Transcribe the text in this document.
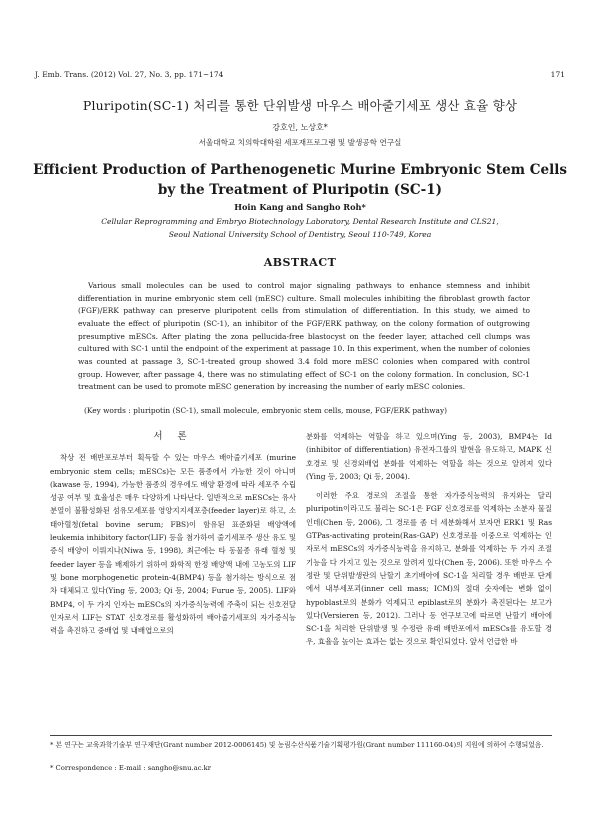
J. Emb. Trans. (2012) Vol. 27, No. 3, pp. 171~174	171
Pluripotin(SC-1) 처리를 통한 단위발생 마우스 배아줄기세포 생산 효율 향상
강호인, 노상호*
서울대학교 치의학대학원 세포재프로그램 및 발생공학 연구실
Efficient Production of Parthenogenetic Murine Embryonic Stem Cells
by the Treatment of Pluripotin (SC-1)
Hoin Kang and Sangho Roh*
Cellular Reprogramming and Embryo Biotechnology Laboratory, Dental Research Institute and CLS21,
Seoul National University School of Dentistry, Seoul 110-749, Korea
ABSTRACT

Various small molecules can be used to control major signaling pathways to enhance stemness and inhibit differentiation in murine embryonic stem cell (mESC) culture. Small molecules inhibiting the fibroblast growth factor (FGF)/ERK pathway can preserve pluripotent cells from stimulation of differentiation. In this study, we aimed to evaluate the effect of pluripotin (SC-1), an inhibitor of the FGF/ERK pathway, on the colony formation of outgrowing presumptive mESCs. After plating the zona pellucida-free blastocyst on the feeder layer, attached cell clumps was cultured with SC-1 until the endpoint of the experiment at passage 10. In this experiment, when the number of colonies was counted at passage 3, SC-1-treated group showed 3.4 fold more mESC colonies when compared with control group. However, after passage 4, there was no stimulating effect of SC-1 on the colony formation. In conclusion, SC-1 treatment can be used to promote mESC generation by increasing the number of early mESC colonies.

(Key words : pluripotin (SC-1), small molecule, embryonic stem cells, mouse, FGF/ERK pathway)

서 론

착상 전 배반포로부터 획득할 수 있는 마우스 배아줄기세포 (murine embryonic stem cells; mESCs)는 모든 품종에서 가능한 것이 아니며(kawase 등, 1994), 가능한 품종의 경우에도 배양 환경에 따라 세포주 수립 성공 여부 및 효율성은 매우 다양하게 나타난다. 일반적으로 mESCs는 유사 분열이 불활성화된 섬유모세포를 영양지지세포층(feeder layer)로 하고, 소태아혈청(fetal bovine serum; FBS)이 함유된 표준화된 배양액에 leukemia inhibitory factor(LIF) 등을 첨가하여 줄기세포주 생산 유도 및 증식 배양이 이뤄지나(Niwa 등, 1998), 최근에는 타 동물종 유래 혈청 및 feeder layer 등을 배제하기 위하여 화학적 한정 배양액 내에 고농도의 LIF 및 bone morphogenetic protein-4(BMP4) 등을 첨가하는 방식으로 점차 대체되고 있다(Ying 등, 2003; Qi 등, 2004; Furue 등, 2005). LIF와 BMP4, 이 두 가지 인자는 mESCs의 자가증식능력에 주축이 되는 신호전달인자로서 LIF는 STAT 신호경로를 활성화하여 배아줄기세포의 자가증식능력을 촉진하고 중배엽 및 내배엽으로의

분화를 억제하는 역할을 하고 있으며(Ying 등, 2003), BMP4는 Id (inhibitor of differentiation) 유전자그룹의 발현을 유도하고, MAPK 신호경로 및 신경외배엽 분화를 억제하는 역할을 하는 것으로 알려져 있다(Ying 등, 2003; Qi 등, 2004).

이러한 주요 경로의 조절을 통한 자가증식능력의 유지와는 달리 pluripotin이라고도 불리는 SC-1은 FGF 신호경로를 억제하는 소분자 물질인데(Chen 등, 2006), 그 경로를 좀 더 세분화해서 보자면 ERK1 및 Ras GTPas-activating protein(Ras-GAP) 신호경로를 이중으로 억제하는 인자로서 mESCs의 자가증식능력을 유지하고, 분화를 억제하는 두 가지 조절기능을 다 가지고 있는 것으로 알려져 있다(Chen 등, 2006). 또한 마우스 수정란 및 단위발생란의 난할기 초기배아에 SC-1을 처리할 경우 배반포 단계에서 내부세포괴(inner cell mass; ICM)의 절대 숫자에는 변화 없이 hypoblast로의 분화가 억제되고 epiblast로의 분화가 촉진된다는 보고가 있다(Versieren 등, 2012). 그러나 동 연구보고에 따르면 난할기 배아에 SC-1을 처리한 단위발생 및 수정란 유래 배반포에서 mESCs를 유도할 경우, 효율을 높이는 효과는 없는 것으로 확인되었다. 앞서 언급한 바

* 본 연구는 교육과학기술부 연구재단(Grant number 2012-0006145) 및 농림수산식품기술기획평가원(Grant number 111160-04)의 지원에 의하여 수행되었음.

* Correspondence : E-mail : sangho@snu.ac.kr
